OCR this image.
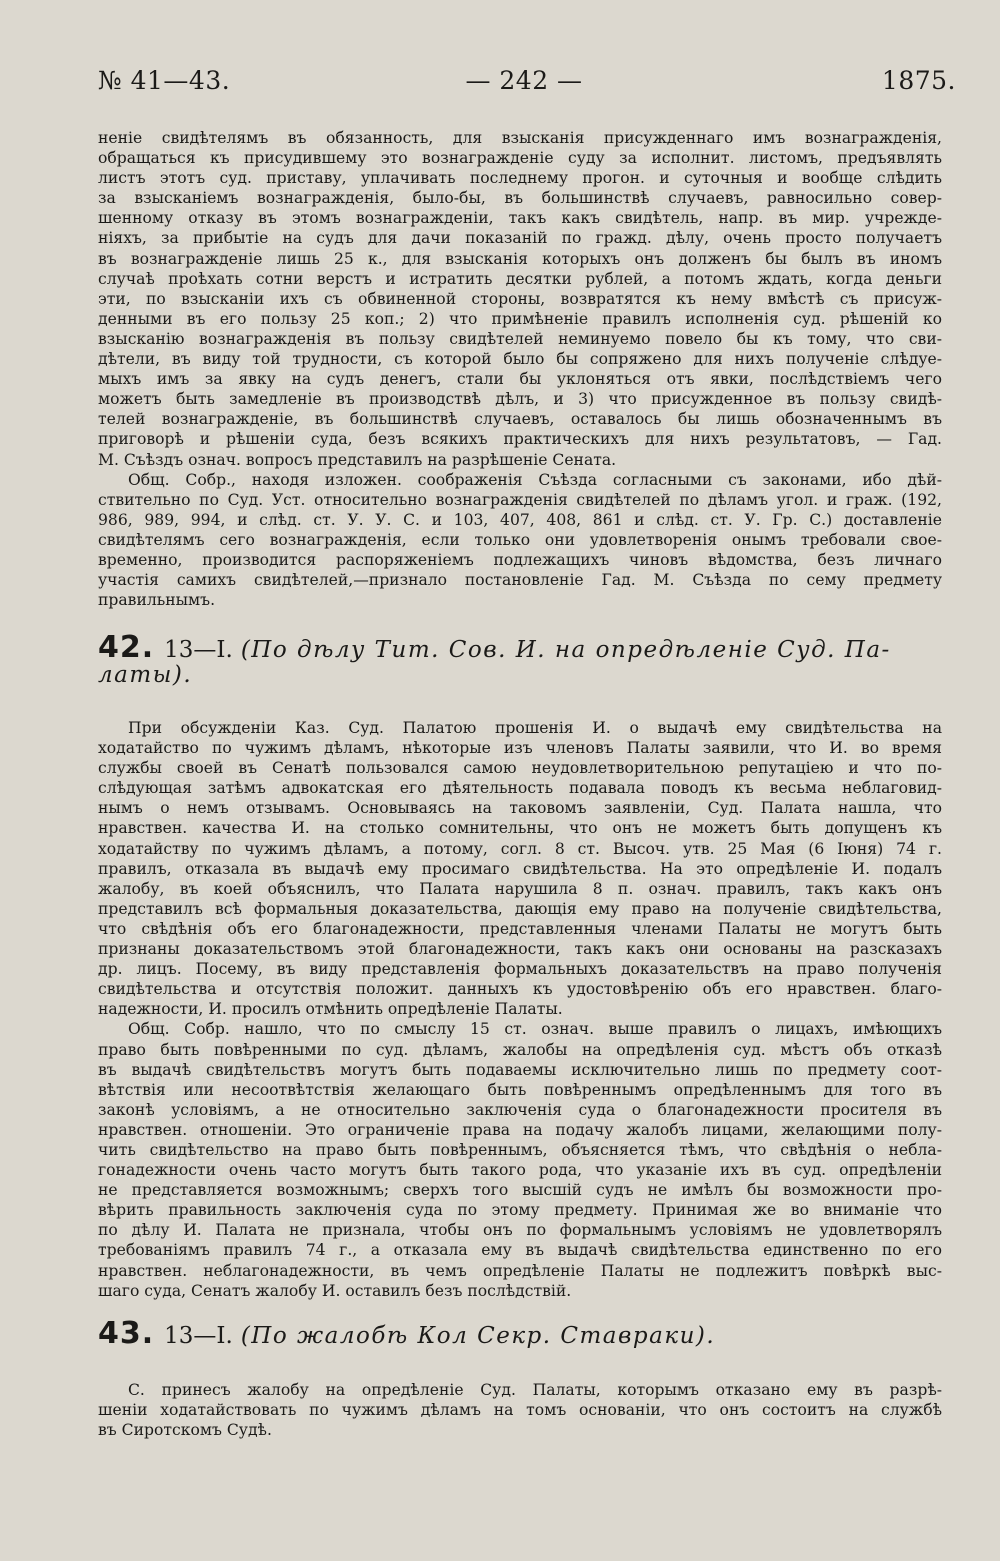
№ 41—43.	— 242 —	1875.

ненiе свидѣтелямъ въ обязанность, для взысканiя присужденнаго имъ вознагражденiя,
обращаться къ присудившему это вознагражденiе суду за исполнит. листомъ, предъявлять
листъ этотъ суд. приставу, уплачивать последнему прогон. и суточныя и вообще слѣдить
за взысканiемъ вознагражденiя, было-бы, въ большинствѣ случаевъ, равносильно совер-
шенному отказу въ этомъ вознагражденiи, такъ какъ свидѣтель, напр. въ мир. учрежде-
нiяхъ, за прибытiе на судъ для дачи показанiй по гражд. дѣлу, очень просто получаетъ
въ вознагражденiе лишь 25 к., для взысканiя которыхъ онъ долженъ бы былъ въ иномъ
случаѣ проѣхать сотни верстъ и истратить десятки рублей, а потомъ ждать, когда деньги
эти, по взысканiи ихъ съ обвиненной стороны, возвратятся къ нему вмѣстѣ съ присуж-
денными въ его пользу 25 коп.; 2) что примѣненiе правилъ исполненiя суд. рѣшенiй ко
взысканiю вознагражденiя въ пользу свидѣтелей неминуемо повело бы къ тому, что сви-
дѣтели, въ виду той трудности, съ которой было бы сопряжено для нихъ полученiе слѣдуе-
мыхъ имъ за явку на судъ денегъ, стали бы уклоняться отъ явки, послѣдствiемъ чего
можетъ быть замедленiе въ производствѣ дѣлъ, и 3) что присужденное въ пользу свидѣ-
телей вознагражденiе, въ большинствѣ случаевъ, оставалось бы лишь обозначеннымъ въ
приговорѣ и рѣшенiи суда, безъ всякихъ практическихъ для нихъ результатовъ, — Гад.
М. Съѣздъ означ. вопросъ представилъ на разрѣшенiе Сената.

Общ. Собр., находя изложен. соображенiя Съѣзда согласными съ законами, ибо дѣй-
ствительно по Суд. Уст. относительно вознагражденiя свидѣтелей по дѣламъ угол. и граж. (192,
986, 989, 994, и слѣд. ст. У. У. С. и 103, 407, 408, 861 и слѣд. ст. У. Гр. С.) доставленiе
свидѣтелямъ сего вознагражденiя, если только они удовлетворенiя онымъ требовали свое-
временно, производится распоряженiемъ подлежащихъ чиновъ вѣдомства, безъ личнаго
участiя самихъ свидѣтелей,—признало постановленiе Гад. М. Съѣзда по сему предмету
правильнымъ.

42. 13—I. (По дѣлу Тит. Сов. И. на опредѣленiе Суд. Па-
латы).

При обсужденiи Каз. Суд. Палатою прошенiя И. о выдачѣ ему свидѣтельства на
ходатайство по чужимъ дѣламъ, нѣкоторые изъ членовъ Палаты заявили, что И. во время
службы своей въ Сенатѣ пользовался самою неудовлетворительною репутацiею и что по-
слѣдующая затѣмъ адвокатская его дѣятельность подавала поводъ къ весьма неблаговид-
нымъ о немъ отзывамъ. Основываясь на таковомъ заявленiи, Суд. Палата нашла, что
нравствен. качества И. на столько сомнительны, что онъ не можетъ быть допущенъ къ
ходатайству по чужимъ дѣламъ, а потому, согл. 8 ст. Высоч. утв. 25 Мая (6 Iюня) 74 г.
правилъ, отказала въ выдачѣ ему просимаго свидѣтельства. На это опредѣленiе И. подалъ
жалобу, въ коей объяснилъ, что Палата нарушила 8 п. означ. правилъ, такъ какъ онъ
представилъ всѣ формальныя доказательства, дающiя ему право на полученiе свидѣтельства,
что свѣдѣнiя объ его благонадежности, представленныя членами Палаты не могутъ быть
признаны доказательствомъ этой благонадежности, такъ какъ они основаны на разсказахъ
др. лицъ. Посему, въ виду представленiя формальныхъ доказательствъ на право полученiя
свидѣтельства и отсутствiя положит. данныхъ къ удостовѣренiю объ его нравствен. благо-
надежности, И. просилъ отмѣнить опредѣленiе Палаты.

Общ. Собр. нашло, что по смыслу 15 ст. означ. выше правилъ о лицахъ, имѣющихъ
право быть повѣренными по суд. дѣламъ, жалобы на опредѣленiя суд. мѣстъ объ отказѣ
въ выдачѣ свидѣтельствъ могутъ быть подаваемы исключительно лишь по предмету соот-
вѣтствiя или несоотвѣтствiя желающаго быть повѣреннымъ опредѣленнымъ для того въ
законѣ условiямъ, а не относительно заключенiя суда о благонадежности просителя въ
нравствен. отношенiи. Это ограниченiе права на подачу жалобъ лицами, желающими полу-
чить свидѣтельство на право быть повѣреннымъ, объясняется тѣмъ, что свѣдѣнiя о небла-
гонадежности очень часто могутъ быть такого рода, что указанiе ихъ въ суд. опредѣленiи
не представляется возможнымъ; сверхъ того высшiй судъ не имѣлъ бы возможности про-
вѣрить правильность заключенiя суда по этому предмету. Принимая же во вниманiе что
по дѣлу И. Палата не признала, чтобы онъ по формальнымъ условiямъ не удовлетворялъ
требованiямъ правилъ 74 г., а отказала ему въ выдачѣ свидѣтельства единственно по его
нравствен. неблагонадежности, въ чемъ опредѣленiе Палаты не подлежитъ повѣркѣ выс-
шаго суда, Сенатъ жалобу И. оставилъ безъ послѣдствiй.

43. 13—I. (По жалобѣ Кол Секр. Ставраки).

С. принесъ жалобу на опредѣленiе Суд. Палаты, которымъ отказано ему въ разрѣ-
шенiи ходатайствовать по чужимъ дѣламъ на томъ основанiи, что онъ состоитъ на службѣ
въ Сиротскомъ Судѣ.
